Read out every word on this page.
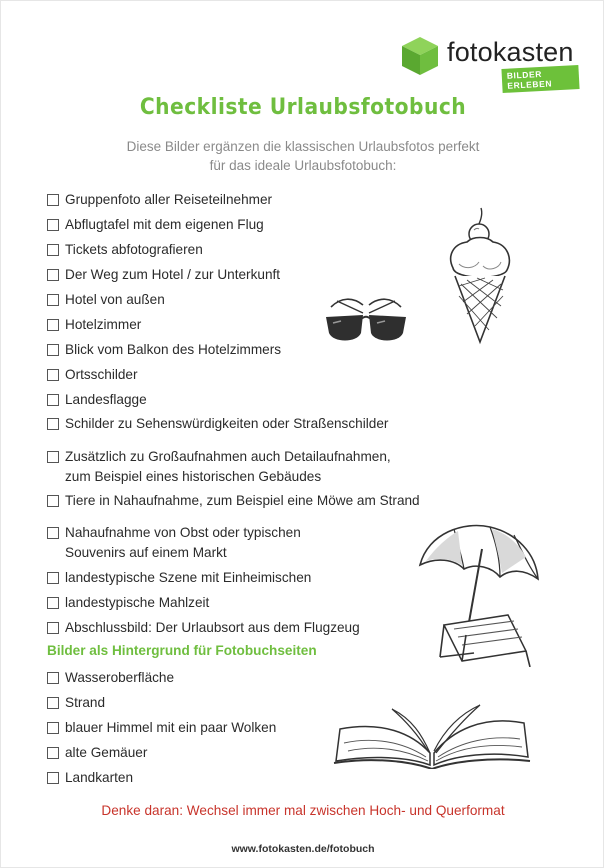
fotokasten
BILDER ERLEBEN
Checkliste Urlaubsfotobuch
Diese Bilder ergänzen die klassischen Urlaubsfotos perfekt
für das ideale Urlaubsfotobuch:
Gruppenfoto aller Reiseteilnehmer
Abflugtafel mit dem eigenen Flug
Tickets abfotografieren
Der Weg zum Hotel / zur Unterkunft
Hotel von außen
Hotelzimmer
Blick vom Balkon des Hotelzimmers
Ortsschilder
Landesflagge
Schilder zu Sehenswürdigkeiten oder Straßenschilder
Zusätzlich zu Großaufnahmen auch Detailaufnahmen,
zum Beispiel eines historischen Gebäudes
Tiere in Nahaufnahme, zum Beispiel eine Möwe am Strand
Nahaufnahme von Obst oder typischen
Souvenirs auf einem Markt
landestypische Szene mit Einheimischen
landestypische Mahlzeit
Abschlussbild: Der Urlaubsort aus dem Flugzeug
Bilder als Hintergrund für Fotobuchseiten
Wasseroberfläche
Strand
blauer Himmel mit ein paar Wolken
alte Gemäuer
Landkarten
Denke daran: Wechsel immer mal zwischen Hoch- und Querformat
www.fotokasten.de/fotobuch
